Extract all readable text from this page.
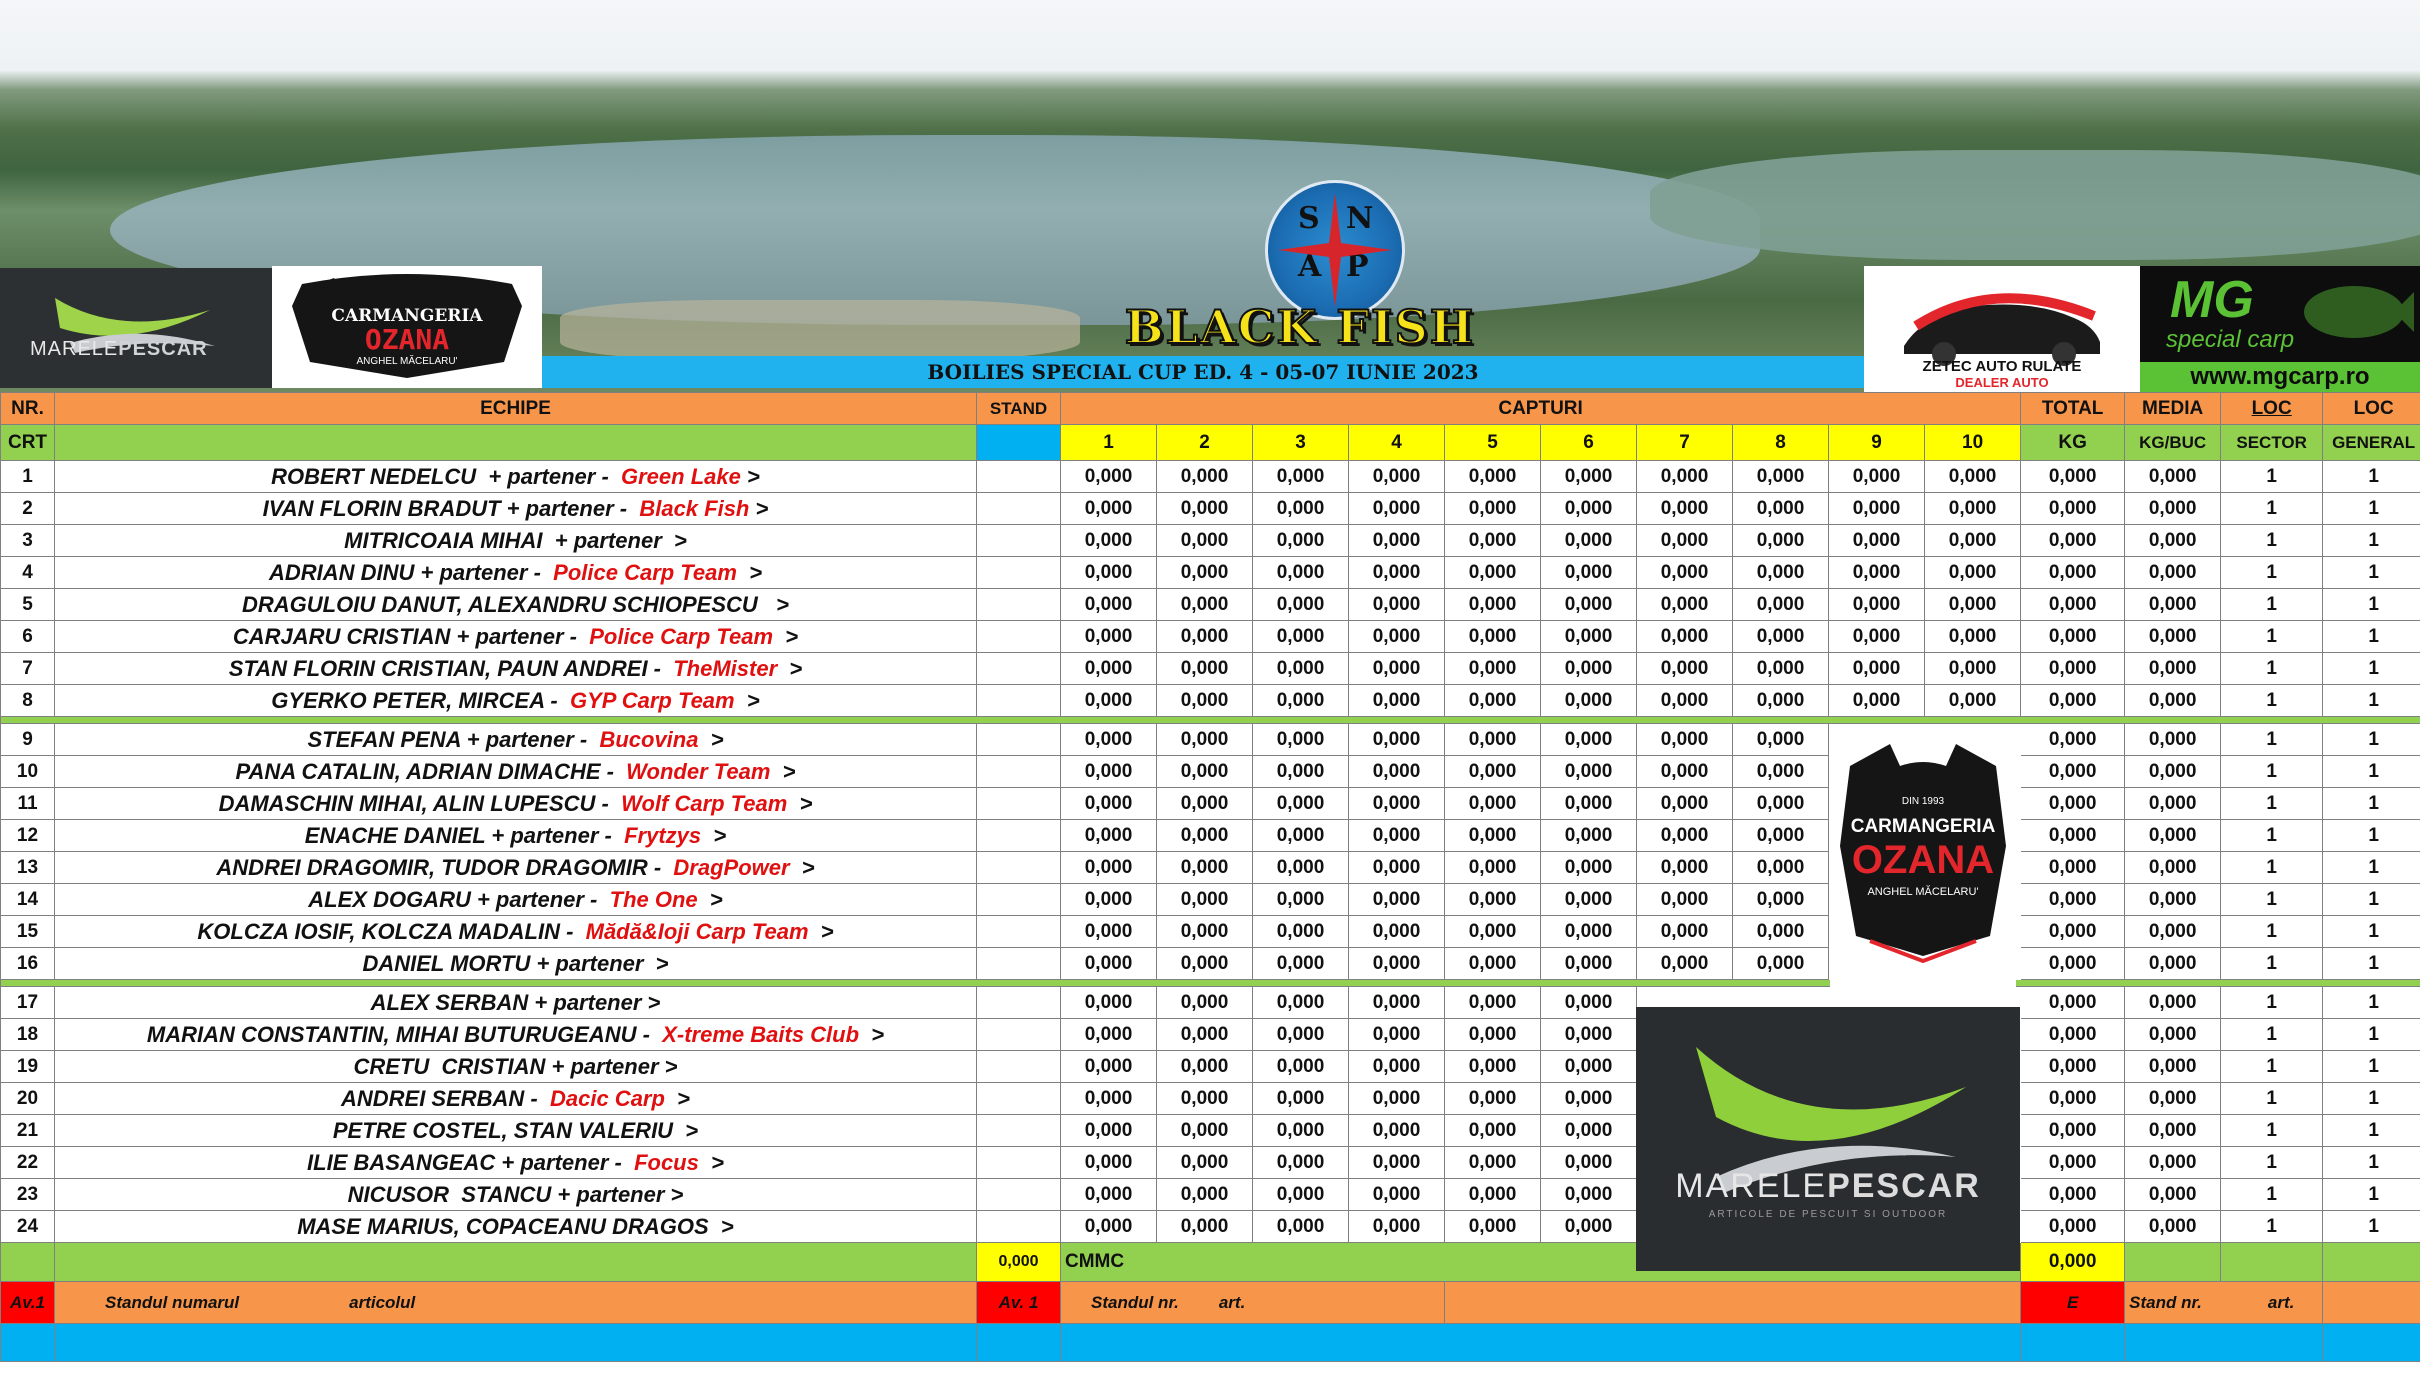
MARELEPESCAR
CARMANGERIA
OZANA
ANGHEL MĂCELARU'
S N
A P
BLACK FISH
ZETEC AUTO RULATE
DEALER AUTO
MG
special carp
www.mgcarp.ro
BOILIES SPECIAL CUP ED. 4 - 05-07 IUNIE 2023
NR.	ECHIPE	STAND	CAPTURI										TOTAL	MEDIA	LOC	LOC
CRT			1	2	3	4	5	6	7	8	9	10	KG	KG/BUC	SECTOR	GENERAL
1	ROBERT NEDELCU  + partener -  Green Lake >		0,000	0,000	0,000	0,000	0,000	0,000	0,000	0,000	0,000	0,000	0,000	0,000	1	1
2	IVAN FLORIN BRADUT + partener -  Black Fish >		0,000	0,000	0,000	0,000	0,000	0,000	0,000	0,000	0,000	0,000	0,000	0,000	1	1
3	MITRICOAIA MIHAI  + partener  >		0,000	0,000	0,000	0,000	0,000	0,000	0,000	0,000	0,000	0,000	0,000	0,000	1	1
4	ADRIAN DINU + partener -  Police Carp Team  >		0,000	0,000	0,000	0,000	0,000	0,000	0,000	0,000	0,000	0,000	0,000	0,000	1	1
5	DRAGULOIU DANUT, ALEXANDRU SCHIOPESCU   >		0,000	0,000	0,000	0,000	0,000	0,000	0,000	0,000	0,000	0,000	0,000	0,000	1	1
6	CARJARU CRISTIAN + partener -  Police Carp Team  >		0,000	0,000	0,000	0,000	0,000	0,000	0,000	0,000	0,000	0,000	0,000	0,000	1	1
7	STAN FLORIN CRISTIAN, PAUN ANDREI -  TheMister  >		0,000	0,000	0,000	0,000	0,000	0,000	0,000	0,000	0,000	0,000	0,000	0,000	1	1
8	GYERKO PETER, MIRCEA -  GYP Carp Team  >		0,000	0,000	0,000	0,000	0,000	0,000	0,000	0,000	0,000	0,000	0,000	0,000	1	1

9	STEFAN PENA + partener -  Bucovina  >		0,000	0,000	0,000	0,000	0,000	0,000	0,000	0,000			0,000	0,000	1	1
10	PANA CATALIN, ADRIAN DIMACHE -  Wonder Team  >		0,000	0,000	0,000	0,000	0,000	0,000	0,000	0,000			0,000	0,000	1	1
11	DAMASCHIN MIHAI, ALIN LUPESCU -  Wolf Carp Team  >		0,000	0,000	0,000	0,000	0,000	0,000	0,000	0,000			0,000	0,000	1	1
12	ENACHE DANIEL + partener -  Frytzys  >		0,000	0,000	0,000	0,000	0,000	0,000	0,000	0,000			0,000	0,000	1	1
13	ANDREI DRAGOMIR, TUDOR DRAGOMIR -  DragPower  >		0,000	0,000	0,000	0,000	0,000	0,000	0,000	0,000			0,000	0,000	1	1
14	ALEX DOGARU + partener -  The One  >		0,000	0,000	0,000	0,000	0,000	0,000	0,000	0,000			0,000	0,000	1	1
15	KOLCZA IOSIF, KOLCZA MADALIN -  Mădă&Ioji Carp Team  >		0,000	0,000	0,000	0,000	0,000	0,000	0,000	0,000			0,000	0,000	1	1
16	DANIEL MORTU + partener  >		0,000	0,000	0,000	0,000	0,000	0,000	0,000	0,000			0,000	0,000	1	1

17	ALEX SERBAN + partener >		0,000	0,000	0,000	0,000	0,000	0,000					0,000	0,000	1	1
18	MARIAN CONSTANTIN, MIHAI BUTURUGEANU -  X-treme Baits Club  >		0,000	0,000	0,000	0,000	0,000	0,000					0,000	0,000	1	1
19	CRETU  CRISTIAN + partener >		0,000	0,000	0,000	0,000	0,000	0,000					0,000	0,000	1	1
20	ANDREI SERBAN -  Dacic Carp  >		0,000	0,000	0,000	0,000	0,000	0,000					0,000	0,000	1	1
21	PETRE COSTEL, STAN VALERIU  >		0,000	0,000	0,000	0,000	0,000	0,000					0,000	0,000	1	1
22	ILIE BASANGEAC + partener -  Focus  >		0,000	0,000	0,000	0,000	0,000	0,000					0,000	0,000	1	1
23	NICUSOR  STANCU + partener >		0,000	0,000	0,000	0,000	0,000	0,000					0,000	0,000	1	1
24	MASE MARIUS, COPACEANU DRAGOS  >		0,000	0,000	0,000	0,000	0,000	0,000					0,000	0,000	1	1
		0,000	CMMC										0,000			
Av.1	Standul numarul articolul	Av. 1	Standul nr. art.										E	Stand nr. art.		

DIN 1993
CARMANGERIA
OZANA
ANGHEL MĂCELARU'
MARELEPESCAR
ARTICOLE DE PESCUIT SI OUTDOOR
